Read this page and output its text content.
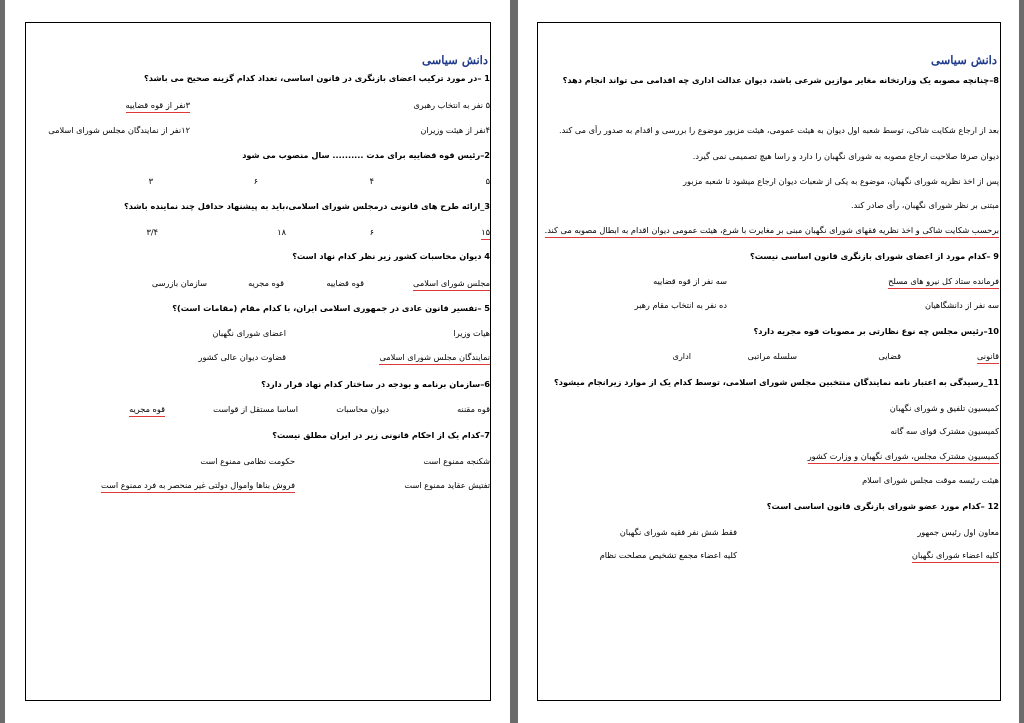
دانش سیاسی
1 –در مورد ترکیب اعضای بازنگری در قانون اساسی، تعداد کدام گزینه صحیح می باشد؟
۵ نفر به انتخاب رهبری
۳نفر از قوه قضاییه
۴نفر از هیئت وزیران
۱۲نفر از نمایندگان مجلس شورای اسلامی
2–رئیس قوه قضاییه برای مدت .......... سال منصوب می شود
۵
۴
۶
۳
3_ارائه طرح های قانونی درمجلس شورای اسلامی،باید به پیشنهاد حداقل چند نماینده باشد؟
۱۵
۶
۱۸
۳/۴
4 دیوان محاسبات کشور زیر نظر کدام نهاد است؟
مجلس شورای اسلامی
قوه قضاییه
قوه مجریه
سازمان بازرسی
5 –تفسیر قانون عادی در جمهوری اسلامی ایران، با کدام مقام (مقامات است)؟
هیات وزیرا
اعضای شورای نگهبان
نمایندگان مجلس شورای اسلامی
قضاوت دیوان عالی کشور
6–سازمان برنامه و بودجه در ساختار کدام نهاد قرار دارد؟
قوه مقننه
دیوان محاسبات
اساسا مستقل از قواست
قوه مجریه
7–کدام یک از احکام قانونی زیر در ایران مطلق نیست؟
شکنجه ممنوع است
حکومت نظامی ممنوع است
تفتیش عقاید ممنوع است
فروش بناها واموال دولتی غیر منحصر به فرد ممنوع است
دانش سیاسی
8–چنانچه مصوبه یک وزارتخانه مغایر موازین شرعی باشد، دیوان عدالت اداری چه اقدامی می تواند انجام دهد؟
بعد از ارجاع شکایت شاکی، توسط شعبه اول دیوان به هیئت عمومی، هیئت مزبور موضوع را بررسی و اقدام به صدور رأی می کند.
دیوان صرفا صلاحیت ارجاع مصوبه به شورای نگهبان را دارد و راسا هیچ تصمیمی نمی گیرد.
پس از اخذ نظریه شورای نگهبان، موضوع به یکی از شعبات دیوان ارجاع میشود تا شعبه مزبور
مبتنی بر نظر شورای نگهبان، رأی صادر کند.
برحسب شکایت شاکی و اخذ نظریه فقهای شورای نگهبان مبنی بر مغایرت با شرع، هیئت عمومی دیوان اقدام به ابطال مصوبه می کند.
9 –کدام مورد از اعضای شورای بازنگری قانون اساسی نیست؟
فرمانده ستاد کل نیرو های مسلح
سه نفر از قوه قضاییه
سه نفر از دانشگاهیان
ده نفر به انتخاب مقام رهبر
10–رئیس مجلس چه نوع نظارتی بر مصوبات قوه مجریه دارد؟
قانونی
قضایی
سلسله مراتبی
اداری
11_رسیدگی به اعتبار نامه نمایندگان منتخبین مجلس شورای اسلامی، توسط کدام یک از موارد زیرانجام میشود؟
کمیسیون تلفیق و شورای نگهبان
کمیسیون مشترک قوای سه گانه
کمیسیون مشترک مجلس، شورای نگهبان و وزارت کشور
هیئت رئیسه موقت مجلس شورای اسلام
12 –کدام مورد عضو شورای بازنگری قانون اساسی است؟
معاون اول رئیس جمهور
فقط شش نفر فقیه شورای نگهبان
کلیه اعضاء شورای نگهبان
کلیه اعضاء مجمع تشخیص مصلحت نظام
